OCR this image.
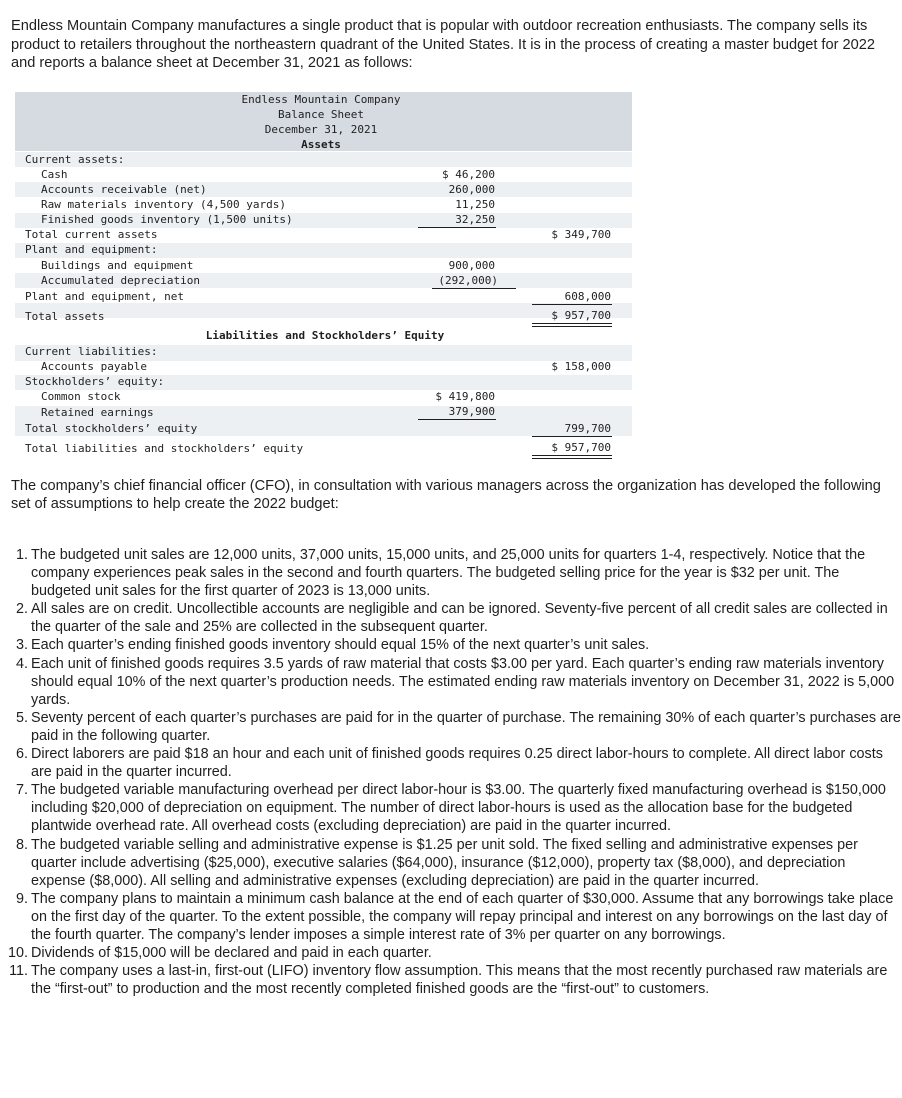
Endless Mountain Company manufactures a single product that is popular with outdoor recreation enthusiasts. The company sells its product to retailers throughout the northeastern quadrant of the United States. It is in the process of creating a master budget for 2022 and reports a balance sheet at December 31, 2021 as follows:

Endless Mountain Company
Balance Sheet
December 31, 2021
Assets
Current assets:
Cash	$ 46,200
Accounts receivable (net)	260,000
Raw materials inventory (4,500 yards)	11,250
Finished goods inventory (1,500 units)	32,250
Total current assets	$ 349,700
Plant and equipment:
Buildings and equipment	900,000
Accumulated depreciation	(292,000)
Plant and equipment, net	608,000
Total assets	$ 957,700
Liabilities and Stockholders’ Equity
Current liabilities:
Accounts payable	$ 158,000
Stockholders’ equity:
Common stock	$ 419,800
Retained earnings	379,900
Total stockholders’ equity	799,700
Total liabilities and stockholders’ equity	$ 957,700

The company’s chief financial officer (CFO), in consultation with various managers across the organization has developed the following set of assumptions to help create the 2022 budget:

1. The budgeted unit sales are 12,000 units, 37,000 units, 15,000 units, and 25,000 units for quarters 1-4, respectively. Notice that the company experiences peak sales in the second and fourth quarters. The budgeted selling price for the year is $32 per unit. The budgeted unit sales for the first quarter of 2023 is 13,000 units.
2. All sales are on credit. Uncollectible accounts are negligible and can be ignored. Seventy-five percent of all credit sales are collected in the quarter of the sale and 25% are collected in the subsequent quarter.
3. Each quarter’s ending finished goods inventory should equal 15% of the next quarter’s unit sales.
4. Each unit of finished goods requires 3.5 yards of raw material that costs $3.00 per yard. Each quarter’s ending raw materials inventory should equal 10% of the next quarter’s production needs. The estimated ending raw materials inventory on December 31, 2022 is 5,000 yards.
5. Seventy percent of each quarter’s purchases are paid for in the quarter of purchase. The remaining 30% of each quarter’s purchases are paid in the following quarter.
6. Direct laborers are paid $18 an hour and each unit of finished goods requires 0.25 direct labor-hours to complete. All direct labor costs are paid in the quarter incurred.
7. The budgeted variable manufacturing overhead per direct labor-hour is $3.00. The quarterly fixed manufacturing overhead is $150,000 including $20,000 of depreciation on equipment. The number of direct labor-hours is used as the allocation base for the budgeted plantwide overhead rate. All overhead costs (excluding depreciation) are paid in the quarter incurred.
8. The budgeted variable selling and administrative expense is $1.25 per unit sold. The fixed selling and administrative expenses per quarter include advertising ($25,000), executive salaries ($64,000), insurance ($12,000), property tax ($8,000), and depreciation expense ($8,000). All selling and administrative expenses (excluding depreciation) are paid in the quarter incurred.
9. The company plans to maintain a minimum cash balance at the end of each quarter of $30,000. Assume that any borrowings take place on the first day of the quarter. To the extent possible, the company will repay principal and interest on any borrowings on the last day of the fourth quarter. The company’s lender imposes a simple interest rate of 3% per quarter on any borrowings.
10. Dividends of $15,000 will be declared and paid in each quarter.
11. The company uses a last-in, first-out (LIFO) inventory flow assumption. This means that the most recently purchased raw materials are the “first-out” to production and the most recently completed finished goods are the “first-out” to customers.
